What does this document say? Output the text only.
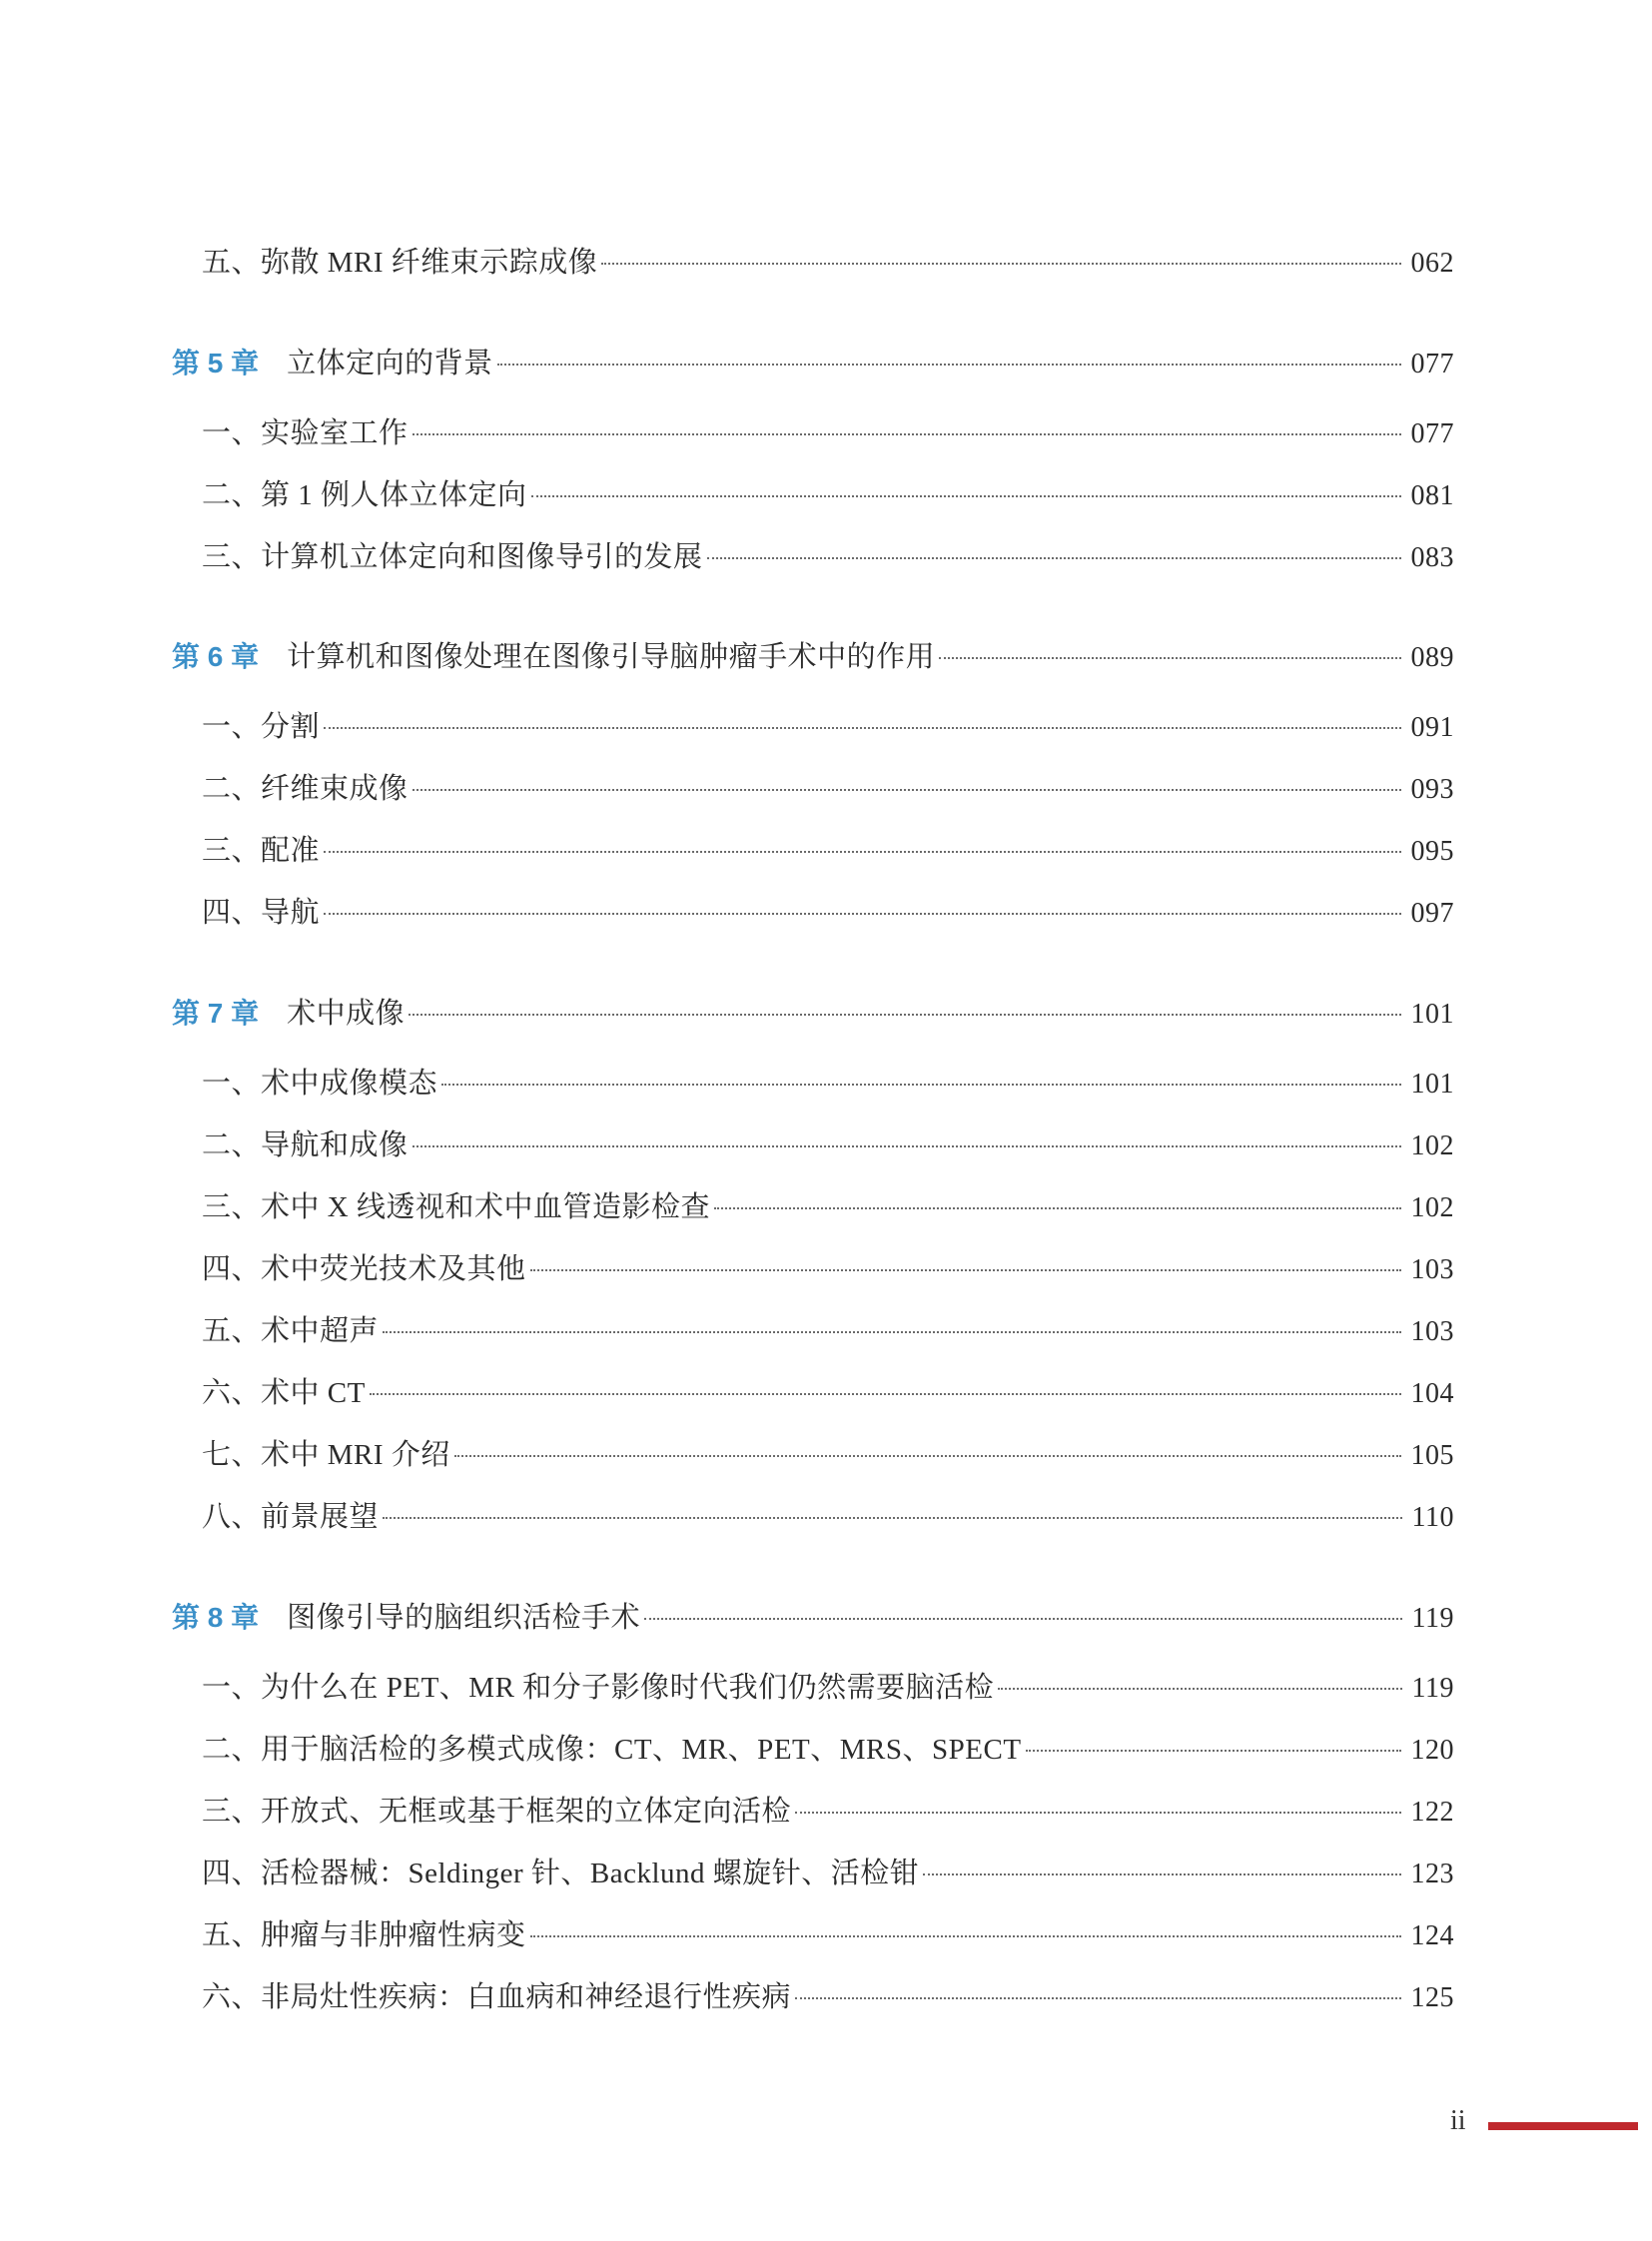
五、弥散 MRI 纤维束示踪成像	062
第 5 章 立体定向的背景	077
一、实验室工作	077
二、第 1 例人体立体定向	081
三、计算机立体定向和图像导引的发展	083
第 6 章 计算机和图像处理在图像引导脑肿瘤手术中的作用	089
一、分割	091
二、纤维束成像	093
三、配准	095
四、导航	097
第 7 章 术中成像	101
一、术中成像模态	101
二、导航和成像	102
三、术中 X 线透视和术中血管造影检查	102
四、术中荧光技术及其他	103
五、术中超声	103
六、术中 CT	104
七、术中 MRI 介绍	105
八、前景展望	110
第 8 章 图像引导的脑组织活检手术	119
一、为什么在 PET、MR 和分子影像时代我们仍然需要脑活检	119
二、用于脑活检的多模式成像：CT、MR、PET、MRS、SPECT	120
三、开放式、无框或基于框架的立体定向活检	122
四、活检器械：Seldinger 针、Backlund 螺旋针、活检钳	123
五、肿瘤与非肿瘤性病变	124
六、非局灶性疾病：白血病和神经退行性疾病	125
ii
